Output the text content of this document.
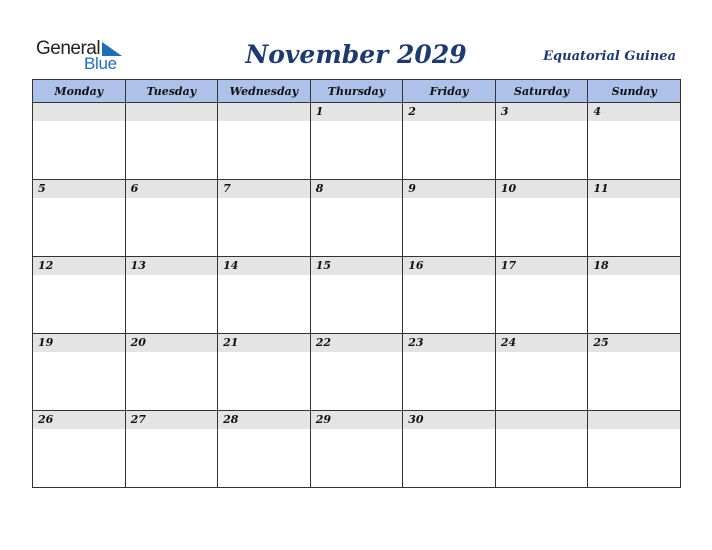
General
Blue	November 2029	Equatorial Guinea
Monday	Tuesday	Wednesday	Thursday	Friday	Saturday	Sunday

			1	2	3	4

5	6	7	8	9	10	11

12	13	14	15	16	17	18

19	20	21	22	23	24	25

26	27	28	29	30		
